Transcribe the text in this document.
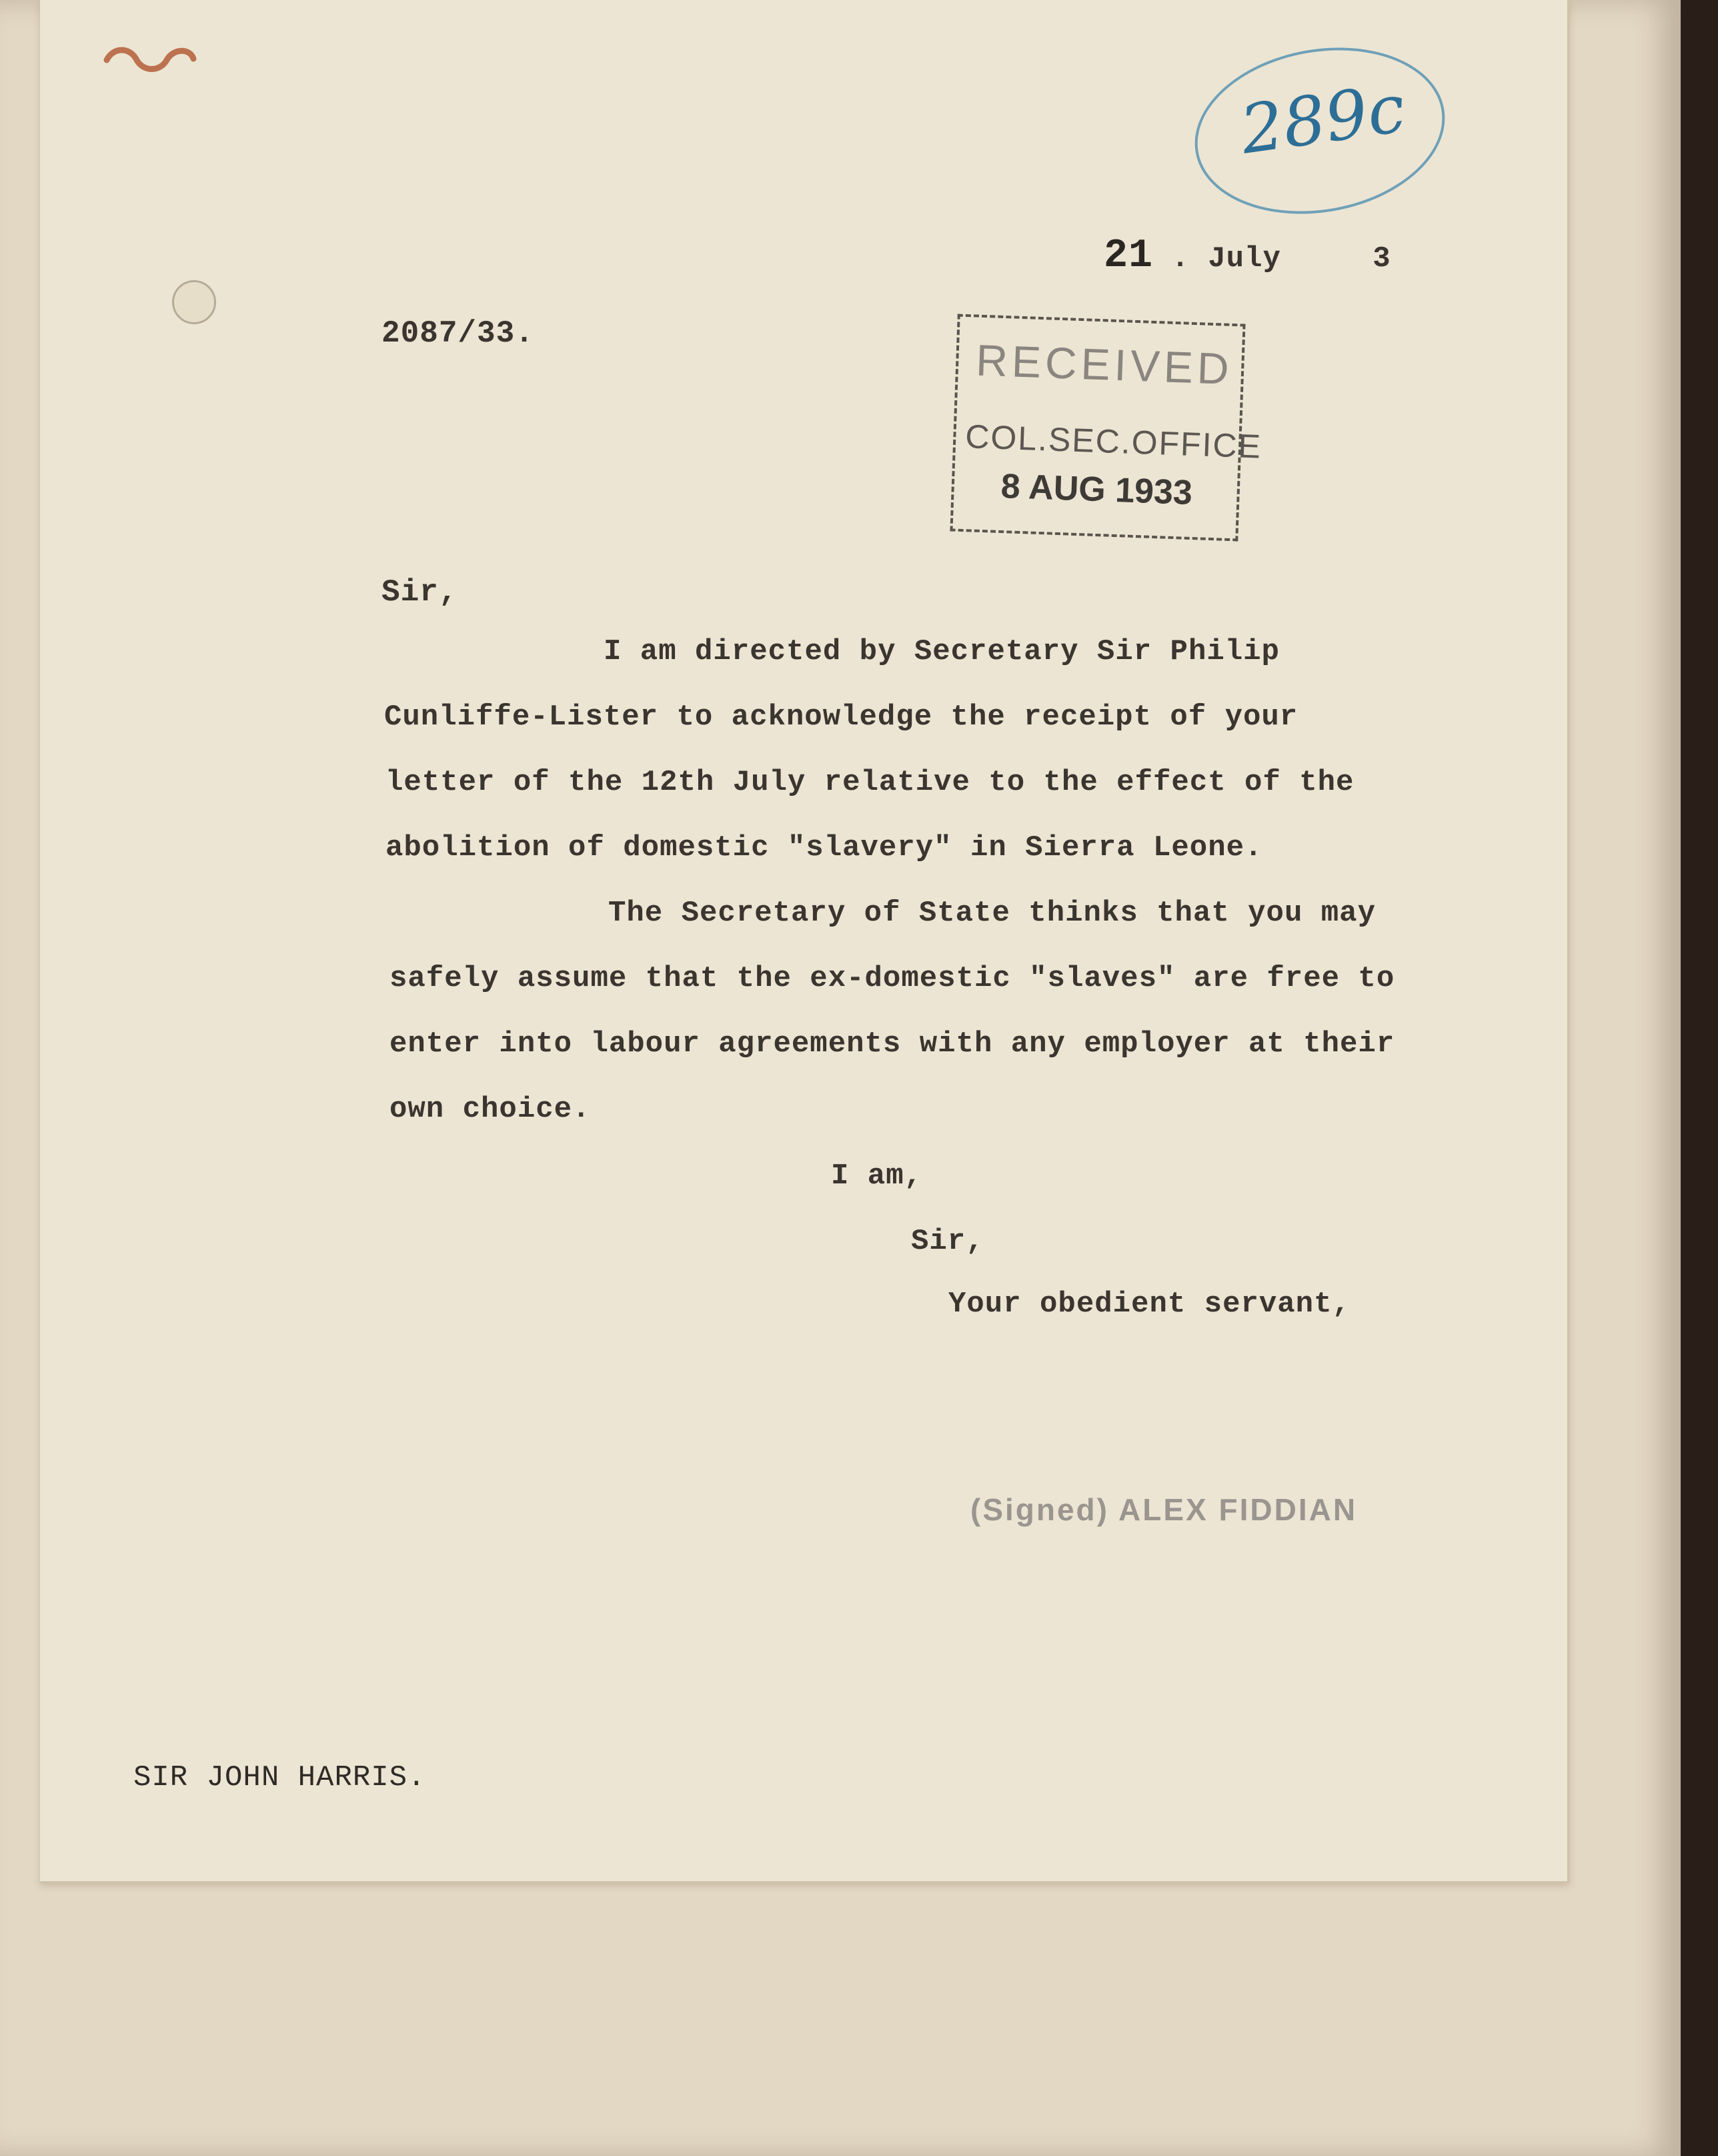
289c
21 . July	3
2087/33.
RECEIVED
COL.SEC.OFFICE
8 AUG 1933
Sir,
I am directed by Secretary Sir Philip
Cunliffe-Lister to acknowledge the receipt of your
letter of the 12th July relative to the effect of the
abolition of domestic "slavery" in Sierra Leone.
The Secretary of State thinks that you may
safely assume that the ex-domestic "slaves" are free to
enter into labour agreements with any employer at their
own choice.
I am,
Sir,
Your obedient servant,
(Signed) ALEX FIDDIAN
SIR JOHN HARRIS.
